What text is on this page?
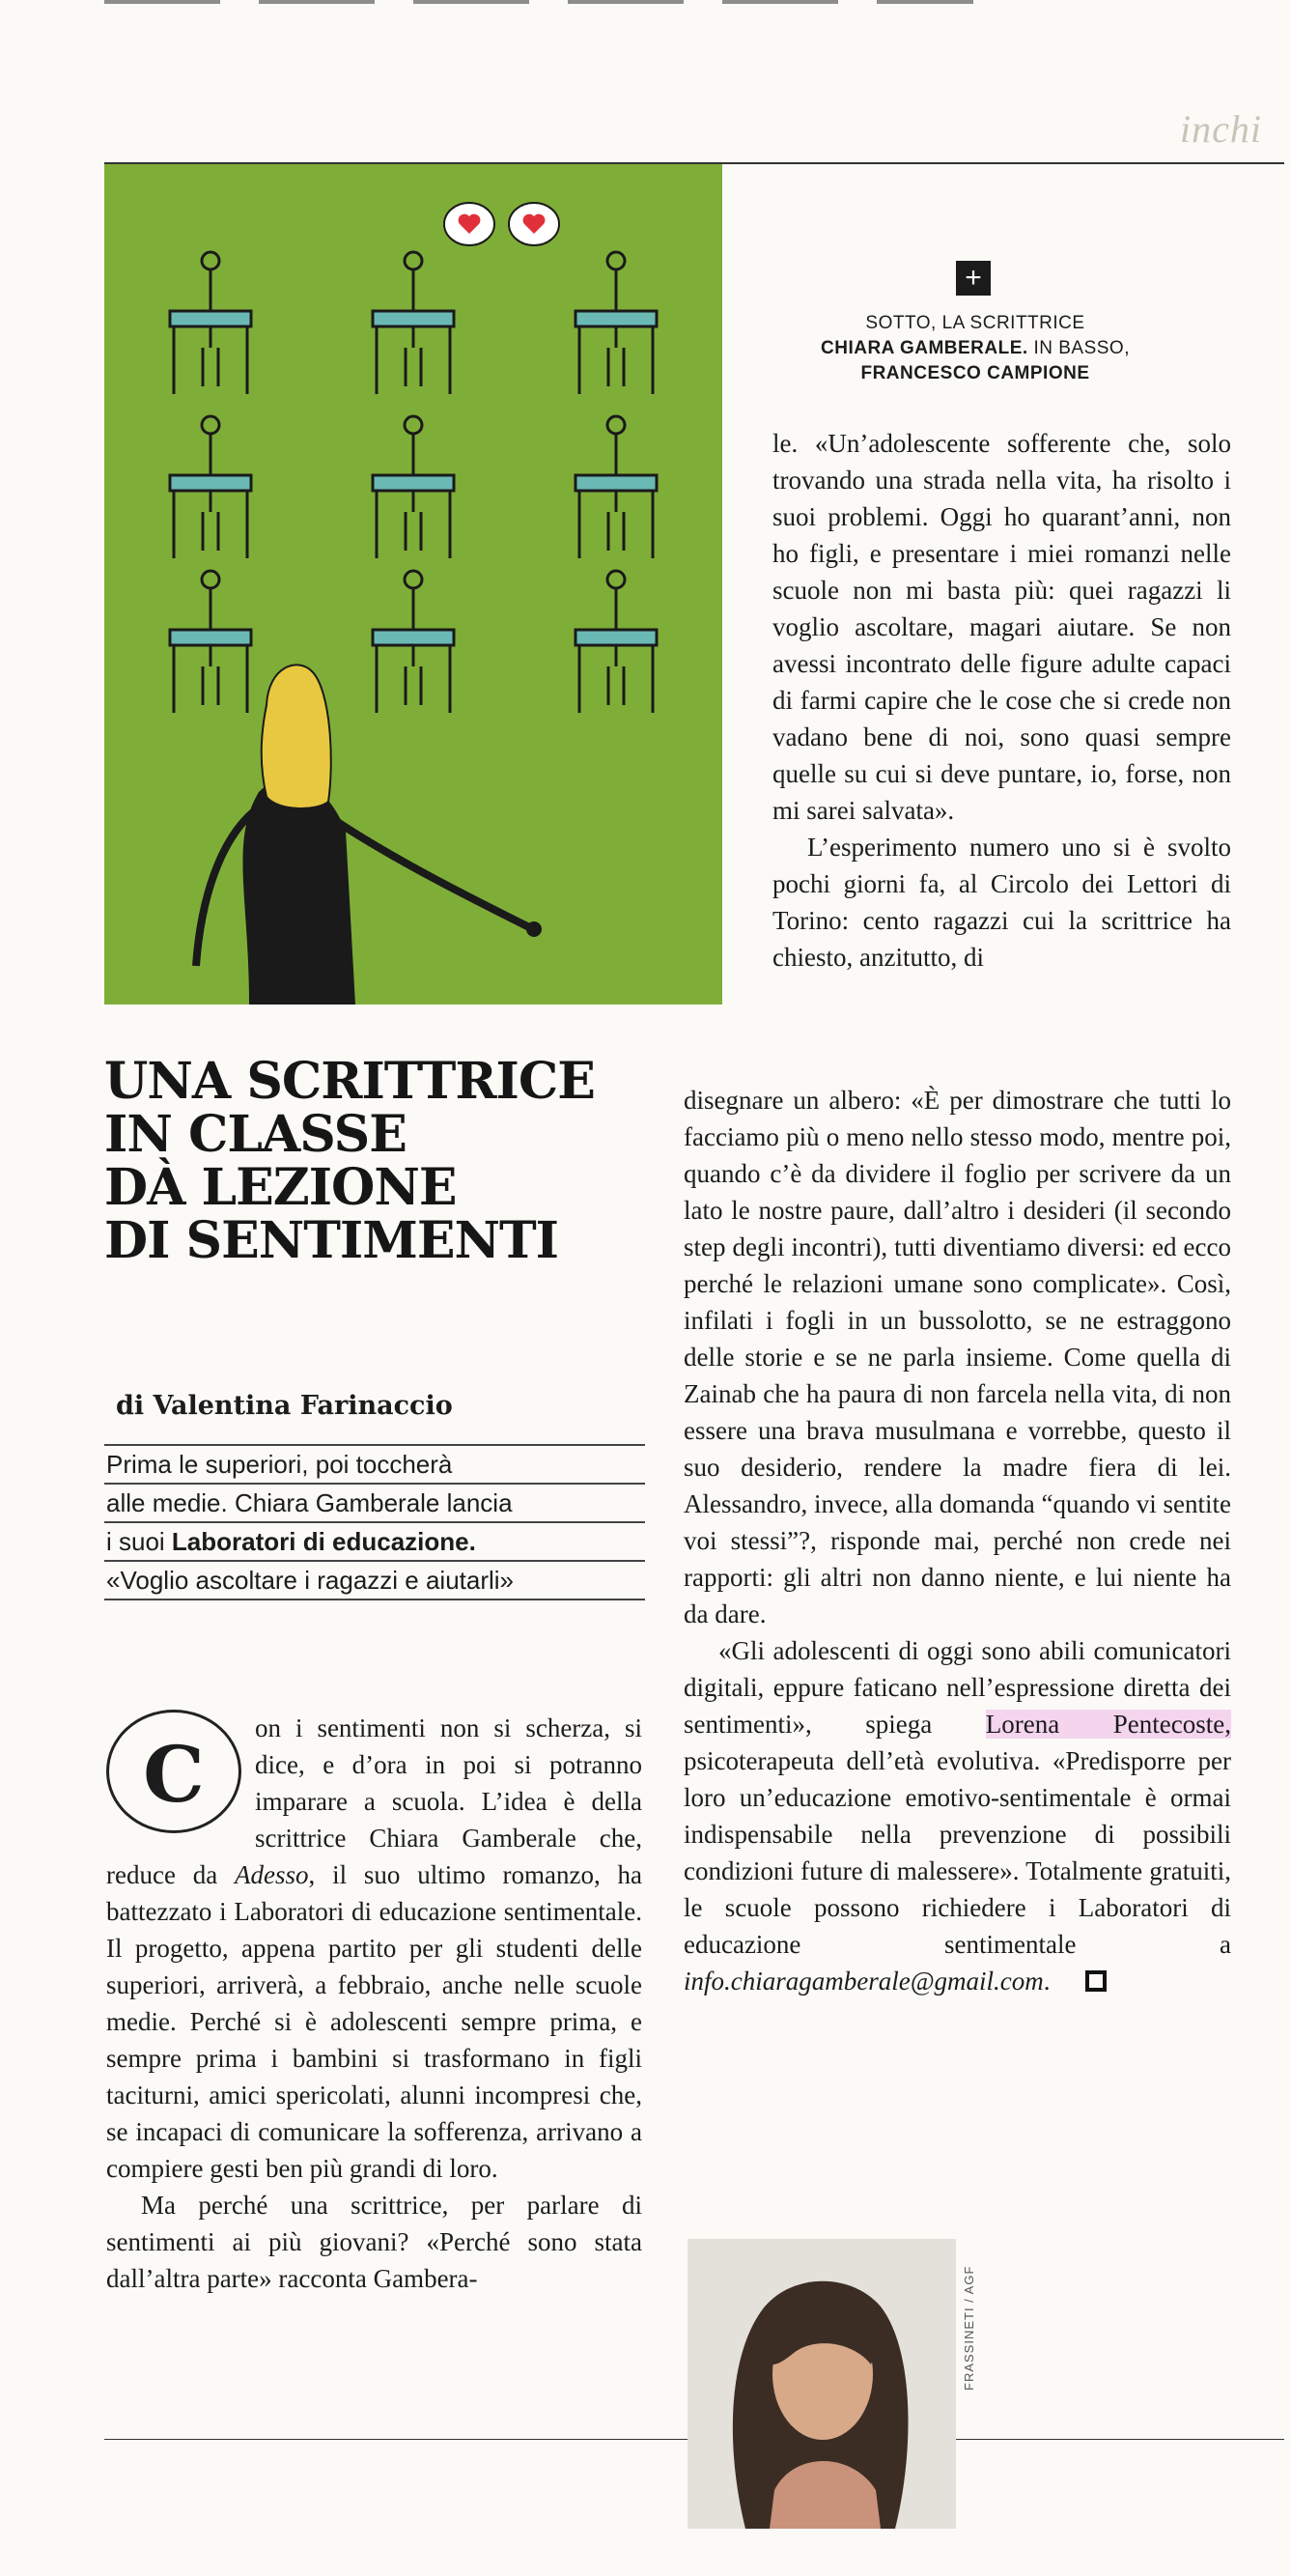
inchi
+
SOTTO, LA SCRITTRICE
CHIARA GAMBERALE. IN BASSO,
FRANCESCO CAMPIONE

le. «Un’adolescente sofferente che, solo trovando una strada nella vita, ha risolto i suoi problemi. Oggi ho quarant’anni, non ho figli, e presentare i miei romanzi nelle scuole non mi basta più: quei ragazzi li voglio ascoltare, magari aiutare. Se non avessi incontrato delle figure adulte capaci di farmi capire che le cose che si crede non vadano bene di noi, sono quasi sempre quelle su cui si deve puntare, io, forse, non mi sarei salvata».

L’esperimento numero uno si è svolto pochi giorni fa, al Circolo dei Lettori di Torino: cento ragazzi cui la scrittrice ha chiesto, anzitutto, di

UNA SCRITTRICE
IN CLASSE
DÀ LEZIONE
DI SENTIMENTI
di Valentina Farinaccio
Prima le superiori, poi toccherà
alle medie. Chiara Gamberale lancia
i suoi Laboratori di educazione.
«Voglio ascoltare i ragazzi e aiutarli»

C
on i sentimenti non si scherza, si dice, e d’ora in poi si potranno imparare a scuola. L’idea è della scrittrice Chiara Gamberale che, reduce da Adesso, il suo ultimo romanzo, ha battezzato i Laboratori di educazione sentimentale. Il progetto, appena partito per gli studenti delle superiori, arriverà, a febbraio, anche nelle scuole medie. Perché si è adolescenti sempre prima, e sempre prima i bambini si trasformano in figli taciturni, amici spericolati, alunni incompresi che, se incapaci di comunicare la sofferenza, arrivano a compiere gesti ben più grandi di loro.

Ma perché una scrittrice, per parlare di sentimenti ai più giovani? «Perché sono stata dall’altra parte» racconta Gambera-

disegnare un albero: «È per dimostrare che tutti lo facciamo più o meno nello stesso modo, mentre poi, quando c’è da dividere il foglio per scrivere da un lato le nostre paure, dall’altro i desideri (il secondo step degli incontri), tutti diventiamo diversi: ed ecco perché le relazioni umane sono complicate». Così, infilati i fogli in un bussolotto, se ne estraggono delle storie e se ne parla insieme. Come quella di Zainab che ha paura di non farcela nella vita, di non essere una brava musulmana e vorrebbe, questo il suo desiderio, rendere la madre fiera di lei. Alessandro, invece, alla domanda “quando vi sentite voi stessi”?, risponde mai, perché non crede nei rapporti: gli altri non danno niente, e lui niente ha da dare.

«Gli adolescenti di oggi sono abili comunicatori digitali, eppure faticano nell’espressione diretta dei sentimenti», spiega Lorena Pentecoste, psicoterapeuta dell’età evolutiva. «Predisporre per loro un’educazione emotivo-sentimentale è ormai indispensabile nella prevenzione di possibili condizioni future di malessere». Totalmente gratuiti, le scuole possono richiedere i Laboratori di educazione sentimentale a info.chiaragamberale@gmail.com.

FRASSINETI / AGF
